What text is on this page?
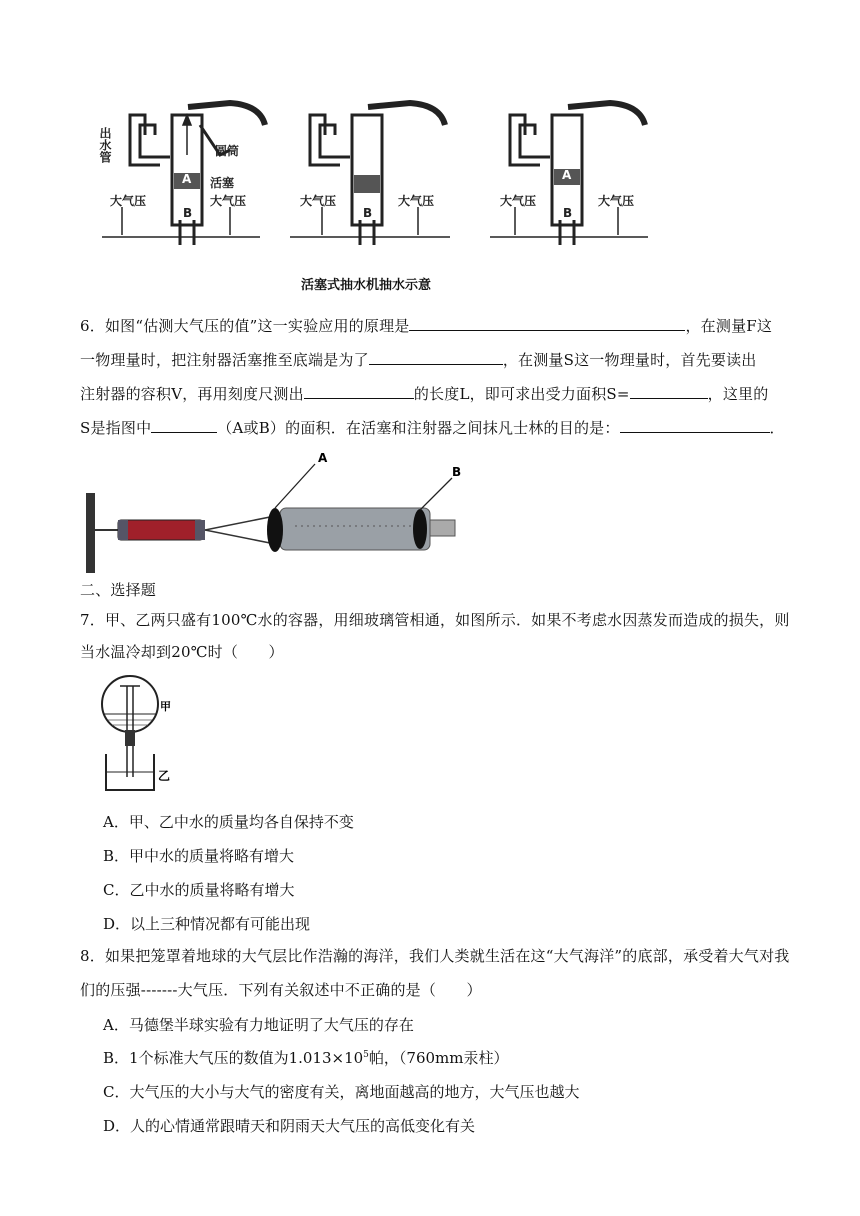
出水管	圆筒
活塞
大气压	大气压	大气压	大气压	大气压	大气压
A
B	B
A
B
活塞式抽水机抽水示意
6．如图“估测大气压的值”这一实验应用的原理是	，在测量F这
一物理量时，把注射器活塞推至底端是为了	，在测量S这一物理量时，首先要读出
注射器的容积V，再用刻度尺测出	的长度L，即可求出受力面积S=	，这里的
S是指图中	（A或B）的面积．在活塞和注射器之间抹凡士林的目的是：	．
A
B
二、选择题
7．甲、乙两只盛有100℃水的容器，用细玻璃管相通，如图所示．如果不考虑水因蒸发而造成的损失，则
当水温冷却到20℃时（　　）
甲
乙
A．甲、乙中水的质量均各自保持不变
B．甲中水的质量将略有增大
C．乙中水的质量将略有增大
D．以上三种情况都有可能出现
8．如果把笼罩着地球的大气层比作浩瀚的海洋，我们人类就生活在这“大气海洋”的底部，承受着大气对我
们的压强-------大气压．下列有关叙述中不正确的是（　　）
A．马德堡半球实验有力地证明了大气压的存在
B．1个标准大气压的数值为$1.013\times 10^5$帕，（760mm汞柱）
C．大气压的大小与大气的密度有关，离地面越高的地方，大气压也越大
D．人的心情通常跟晴天和阴雨天大气压的高低变化有关
